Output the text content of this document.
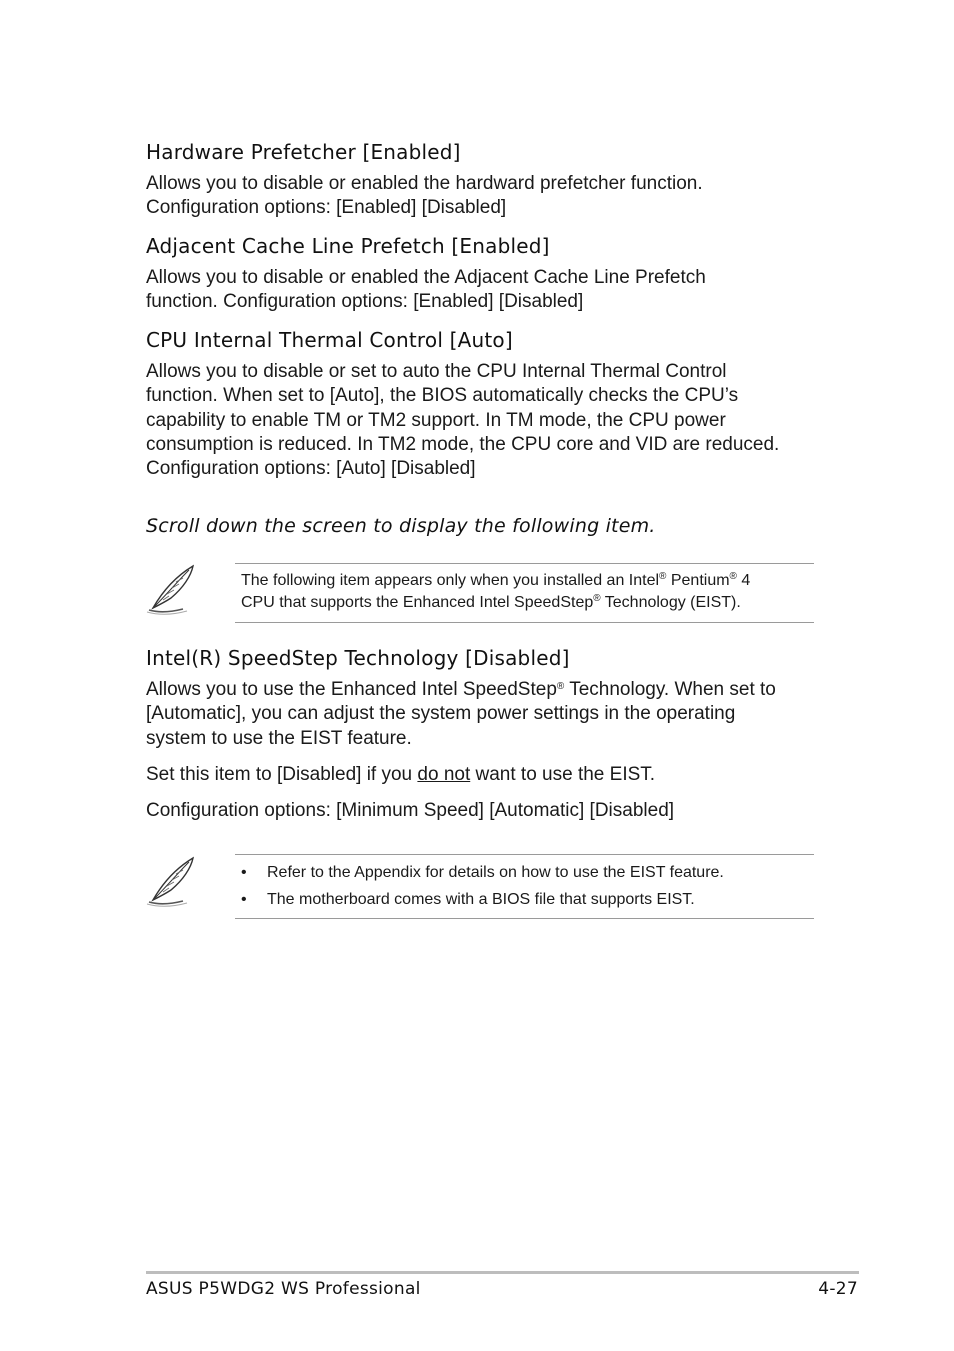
Hardware Prefetcher [Enabled]

Allows you to disable or enabled the hardward prefetcher function.
Configuration options: [Enabled] [Disabled]

Adjacent Cache Line Prefetch [Enabled]

Allows you to disable or enabled the Adjacent Cache Line Prefetch
function. Configuration options: [Enabled] [Disabled]

CPU Internal Thermal Control [Auto]

Allows you to disable or set to auto the CPU Internal Thermal Control
function. When set to [Auto], the BIOS automatically checks the CPU’s
capability to enable TM or TM2 support. In TM mode, the CPU power
consumption is reduced. In TM2 mode, the CPU core and VID are reduced.
Configuration options: [Auto] [Disabled]

Scroll down the screen to display the following item.
The following item appears only when you installed an Intel® Pentium® 4
CPU that supports the Enhanced Intel SpeedStep® Technology (EIST).
Intel(R) SpeedStep Technology [Disabled]

Allows you to use the Enhanced Intel SpeedStep® Technology. When set to
[Automatic], you can adjust the system power settings in the operating
system to use the EIST feature.

Set this item to [Disabled] if you do not want to use the EIST.

Configuration options: [Minimum Speed] [Automatic] [Disabled]

• Refer to the Appendix for details on how to use the EIST feature.
• The motherboard comes with a BIOS file that supports EIST.
ASUS P5WDG2 WS Professional	4-27
